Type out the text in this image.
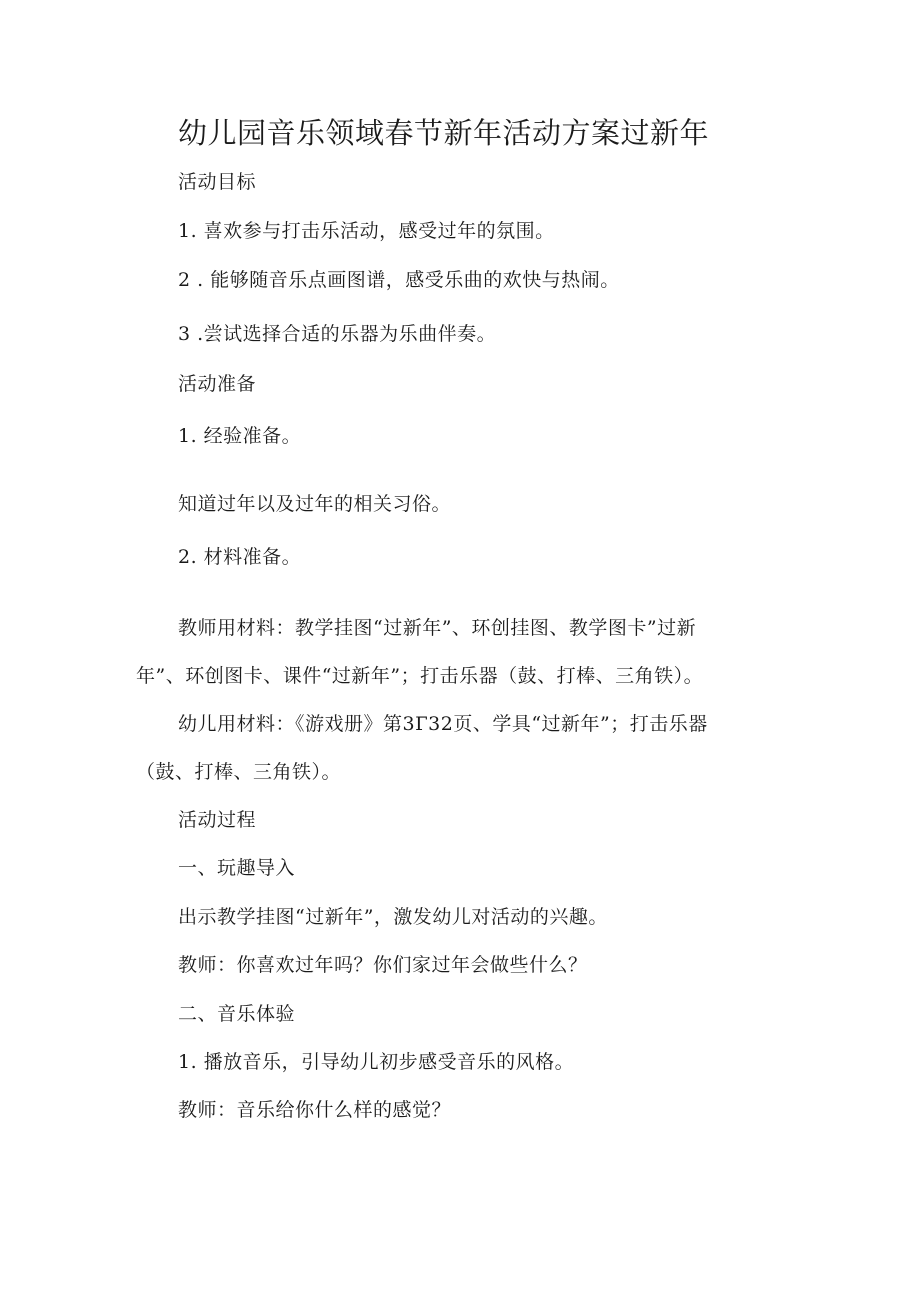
幼儿园音乐领域春节新年活动方案过新年
活动目标
1. 喜欢参与打击乐活动，感受过年的氛围。
2 . 能够随音乐点画图谱，感受乐曲的欢快与热闹。
3 .尝试选择合适的乐器为乐曲伴奏。
活动准备
1. 经验准备。
知道过年以及过年的相关习俗。
2. 材料准备。
教师用材料：教学挂图“过新年”、环创挂图、教学图卡”过新
年”、环创图卡、课件“过新年”；打击乐器（鼓、打棒、三角铁）。
幼儿用材料：《游戏册》第3Г32页、学具“过新年”；打击乐器
（鼓、打棒、三角铁）。
活动过程
一、玩趣导入
出示教学挂图“过新年”，激发幼儿对活动的兴趣。
教师：你喜欢过年吗？你们家过年会做些什么？
二、音乐体验
1. 播放音乐，引导幼儿初步感受音乐的风格。
教师：音乐给你什么样的感觉？
